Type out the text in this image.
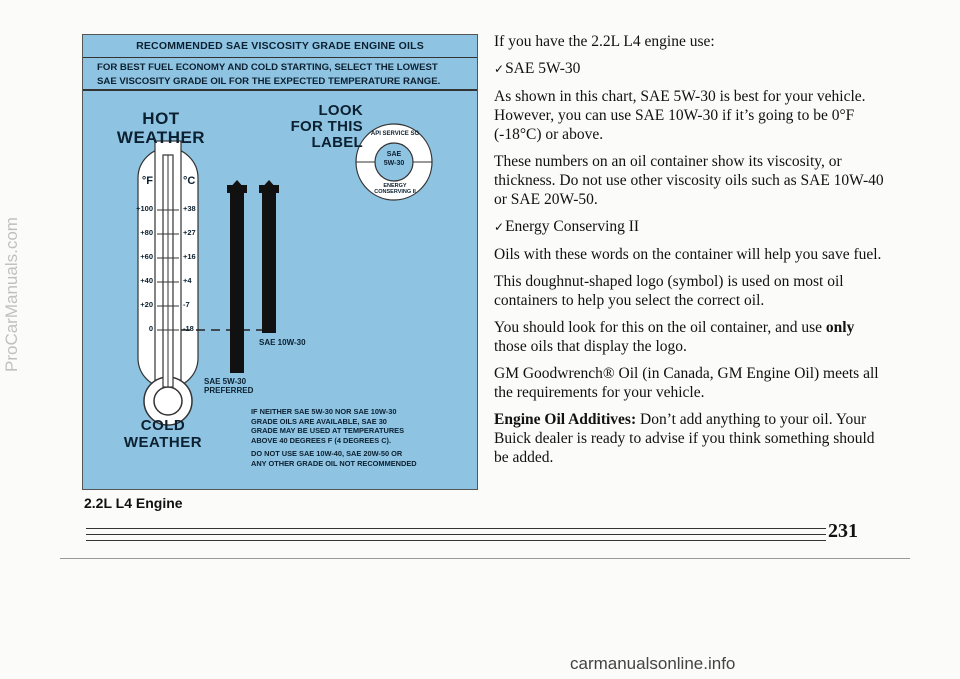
RECOMMENDED SAE VISCOSITY GRADE ENGINE OILS
FOR BEST FUEL ECONOMY AND COLD STARTING, SELECT THE LOWEST
SAE VISCOSITY GRADE OIL FOR THE EXPECTED TEMPERATURE RANGE.
API SERVICE SG
SAE
5W-30
ENERGY CONSERVING II
HOT
WEATHER
LOOK
FOR THIS
LABEL
°F	°C
+100
+80
+60
+40
+20
0
+38
+27
+16
+4
-7
-18
SAE 10W-30
SAE 5W-30
PREFERRED
COLD
WEATHER

IF NEITHER SAE 5W-30 NOR SAE 10W-30
GRADE OILS ARE AVAILABLE, SAE 30
GRADE MAY BE USED AT TEMPERATURES
ABOVE 40 DEGREES F (4 DEGREES C).

DO NOT USE SAE 10W-40, SAE 20W-50 OR
ANY OTHER GRADE OIL NOT RECOMMENDED

2.2L L4 Engine
ProCarManuals.com

If you have the 2.2L L4 engine use:

✓SAE 5W-30

As shown in this chart, SAE 5W-30 is best for your vehicle. However, you can use SAE 10W-30 if it’s going to be 0°F (-18°C) or above.

These numbers on an oil container show its viscosity, or thickness. Do not use other viscosity oils such as SAE 10W-40 or SAE 20W-50.

✓Energy Conserving II

Oils with these words on the container will help you save fuel.

This doughnut-shaped logo (symbol) is used on most oil containers to help you select the correct oil.

You should look for this on the oil container, and use only those oils that display the logo.

GM Goodwrench® Oil (in Canada, GM Engine Oil) meets all the requirements for your vehicle.

Engine Oil Additives: Don’t add anything to your oil. Your Buick dealer is ready to advise if you think something should be added.

231
carmanualsonline.info
